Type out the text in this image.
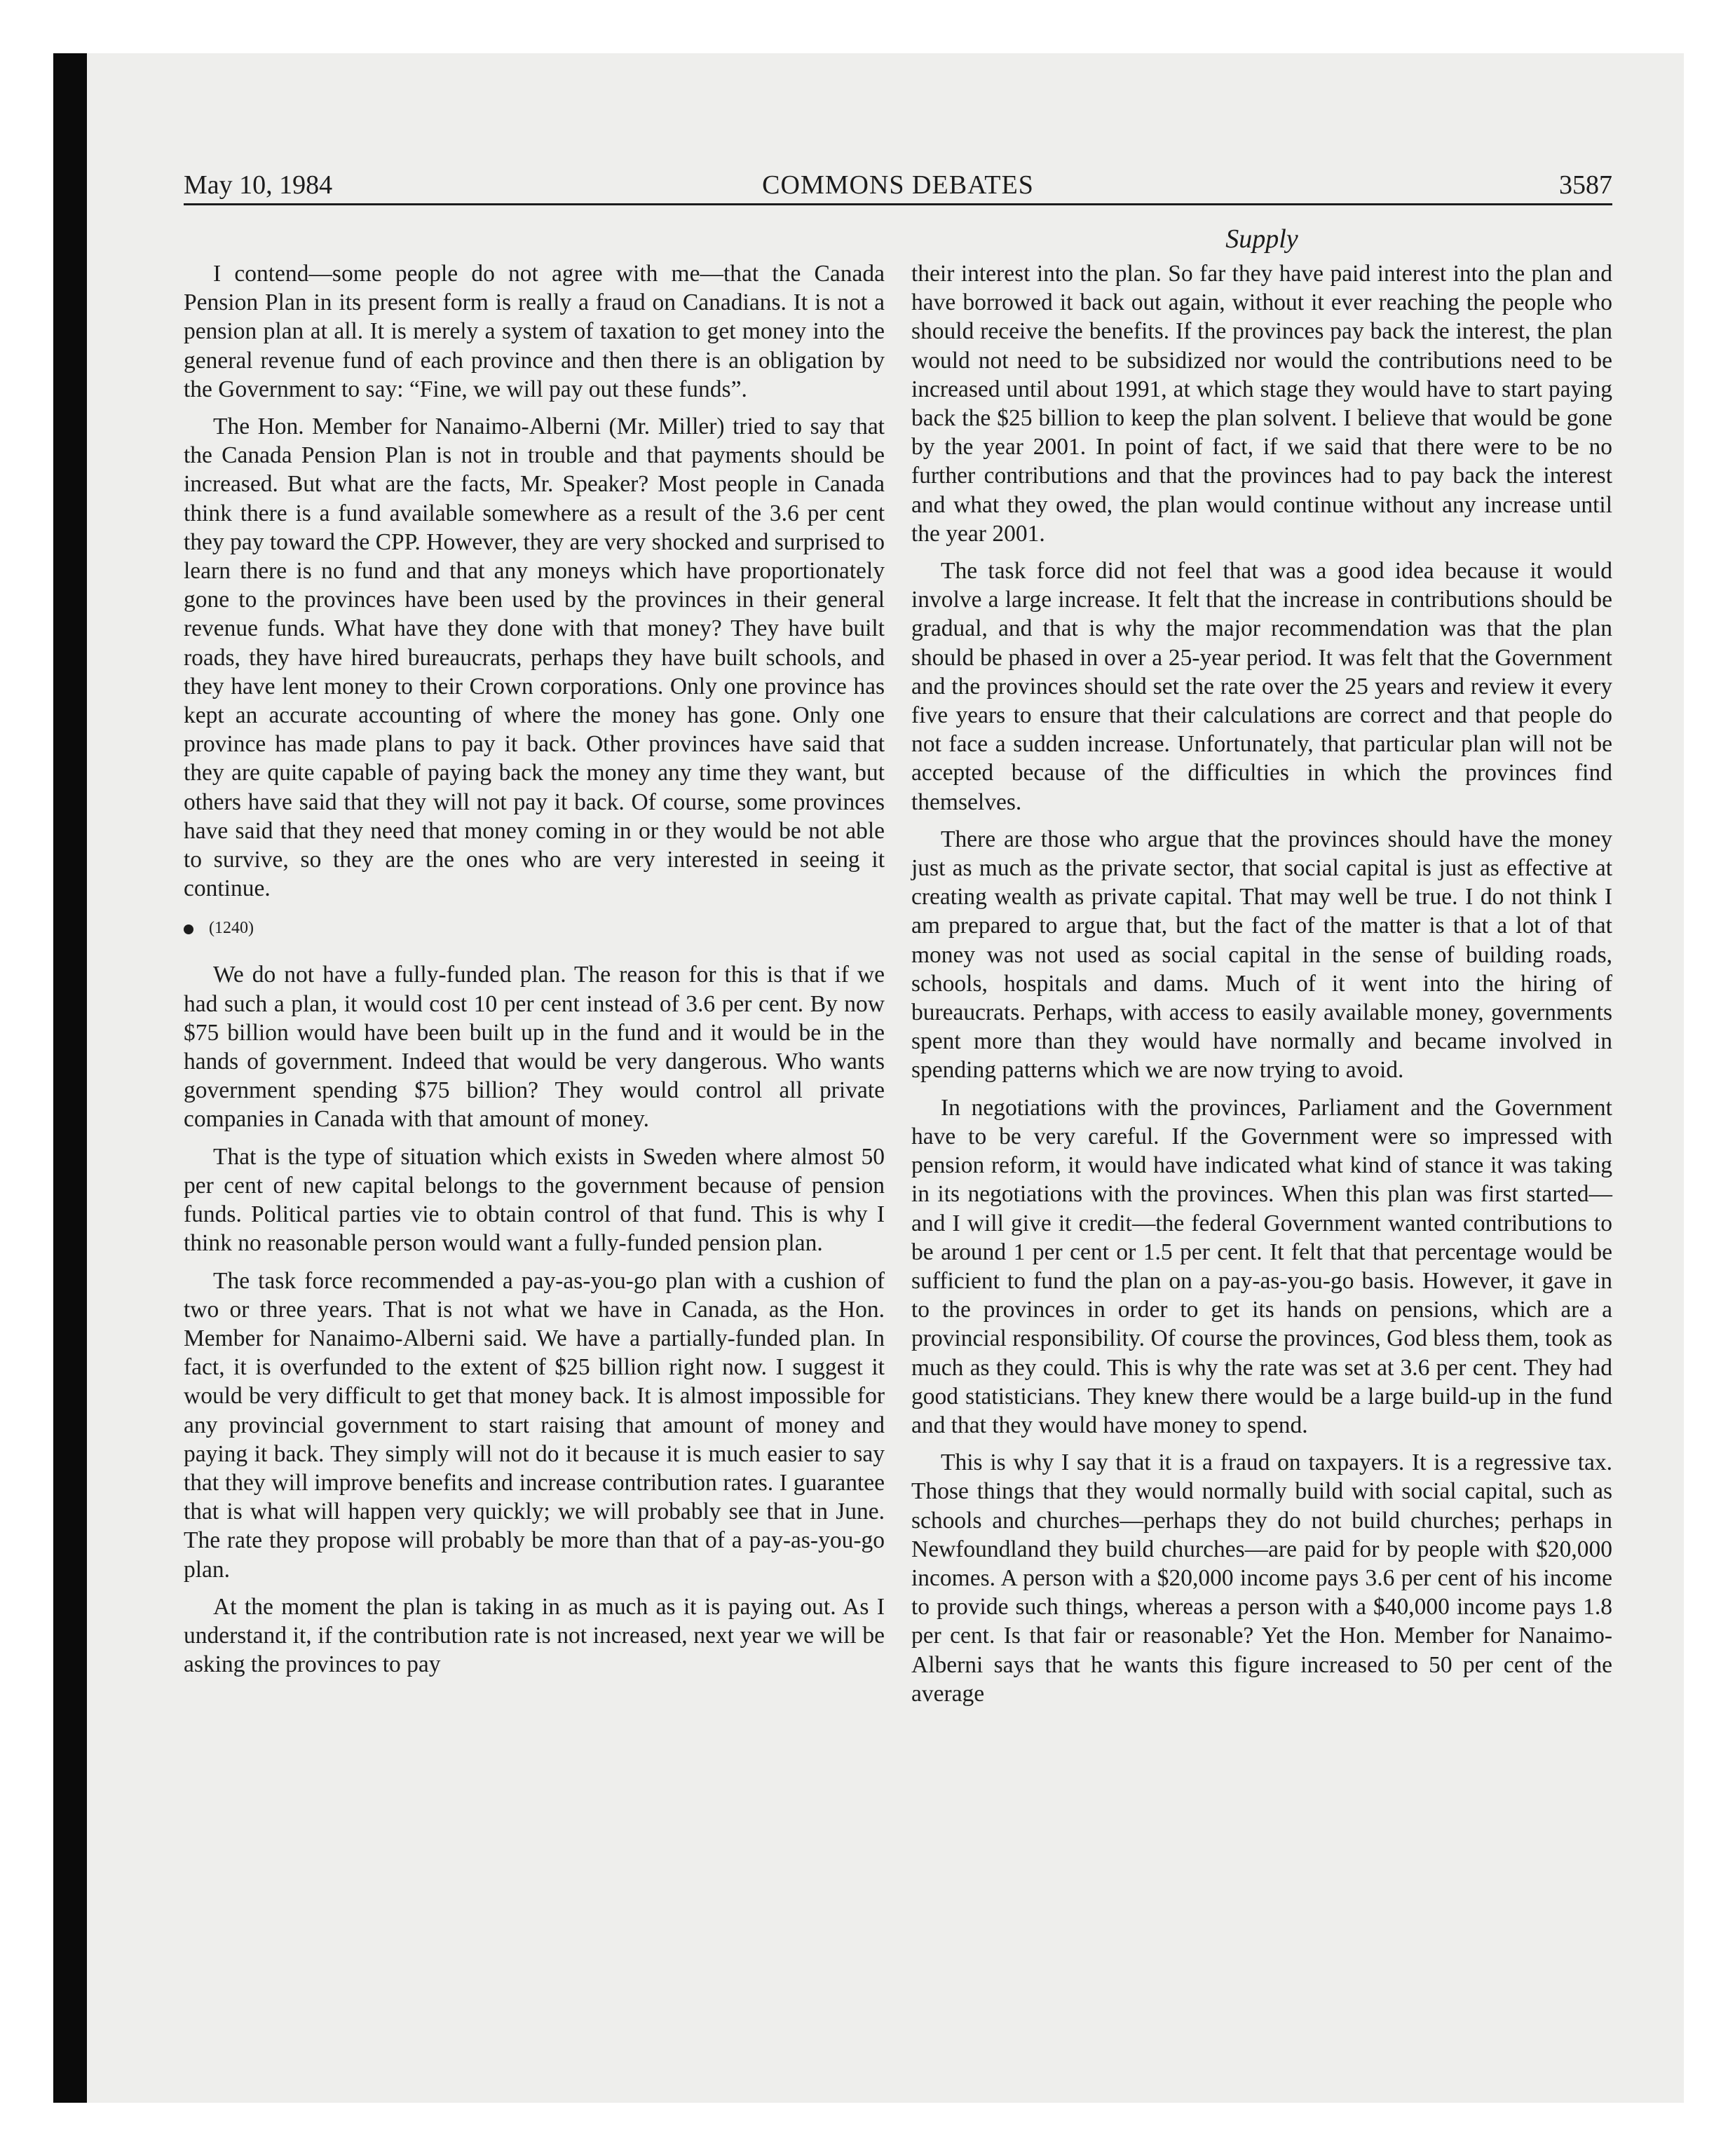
May 10, 1984	COMMONS DEBATES	3587
Supply

I contend—some people do not agree with me—that the Canada Pension Plan in its present form is really a fraud on Canadians. It is not a pension plan at all. It is merely a system of taxation to get money into the general revenue fund of each province and then there is an obligation by the Government to say: “Fine, we will pay out these funds”.

The Hon. Member for Nanaimo-Alberni (Mr. Miller) tried to say that the Canada Pension Plan is not in trouble and that payments should be increased. But what are the facts, Mr. Speaker? Most people in Canada think there is a fund available somewhere as a result of the 3.6 per cent they pay toward the CPP. However, they are very shocked and surprised to learn there is no fund and that any moneys which have proportionately gone to the provinces have been used by the provinces in their general revenue funds. What have they done with that money? They have built roads, they have hired bureaucrats, perhaps they have built schools, and they have lent money to their Crown corporations. Only one province has kept an accurate accounting of where the money has gone. Only one province has made plans to pay it back. Other provinces have said that they are quite capable of paying back the money any time they want, but others have said that they will not pay it back. Of course, some provinces have said that they need that money coming in or they would be not able to survive, so they are the ones who are very interested in seeing it continue.

(1240)

We do not have a fully-funded plan. The reason for this is that if we had such a plan, it would cost 10 per cent instead of 3.6 per cent. By now $75 billion would have been built up in the fund and it would be in the hands of government. Indeed that would be very dangerous. Who wants government spending $75 billion? They would control all private companies in Canada with that amount of money.

That is the type of situation which exists in Sweden where almost 50 per cent of new capital belongs to the government because of pension funds. Political parties vie to obtain control of that fund. This is why I think no reasonable person would want a fully-funded pension plan.

The task force recommended a pay-as-you-go plan with a cushion of two or three years. That is not what we have in Canada, as the Hon. Member for Nanaimo-Alberni said. We have a partially-funded plan. In fact, it is overfunded to the extent of $25 billion right now. I suggest it would be very difficult to get that money back. It is almost impossible for any provincial government to start raising that amount of money and paying it back. They simply will not do it because it is much easier to say that they will improve benefits and increase contribution rates. I guarantee that is what will happen very quickly; we will probably see that in June. The rate they propose will probably be more than that of a pay-as-you-go plan.

At the moment the plan is taking in as much as it is paying out. As I understand it, if the contribution rate is not increased, next year we will be asking the provinces to pay

their interest into the plan. So far they have paid interest into the plan and have borrowed it back out again, without it ever reaching the people who should receive the benefits. If the provinces pay back the interest, the plan would not need to be subsidized nor would the contributions need to be increased until about 1991, at which stage they would have to start paying back the $25 billion to keep the plan solvent. I believe that would be gone by the year 2001. In point of fact, if we said that there were to be no further contributions and that the provinces had to pay back the interest and what they owed, the plan would continue without any increase until the year 2001.

The task force did not feel that was a good idea because it would involve a large increase. It felt that the increase in contributions should be gradual, and that is why the major recommendation was that the plan should be phased in over a 25-year period. It was felt that the Government and the provinces should set the rate over the 25 years and review it every five years to ensure that their calculations are correct and that people do not face a sudden increase. Unfortunately, that particular plan will not be accepted because of the difficulties in which the provinces find themselves.

There are those who argue that the provinces should have the money just as much as the private sector, that social capital is just as effective at creating wealth as private capital. That may well be true. I do not think I am prepared to argue that, but the fact of the matter is that a lot of that money was not used as social capital in the sense of building roads, schools, hospitals and dams. Much of it went into the hiring of bureaucrats. Perhaps, with access to easily available money, governments spent more than they would have normally and became involved in spending patterns which we are now trying to avoid.

In negotiations with the provinces, Parliament and the Government have to be very careful. If the Government were so impressed with pension reform, it would have indicated what kind of stance it was taking in its negotiations with the provinces. When this plan was first started—and I will give it credit—the federal Government wanted contributions to be around 1 per cent or 1.5 per cent. It felt that that percentage would be sufficient to fund the plan on a pay-as-you-go basis. However, it gave in to the provinces in order to get its hands on pensions, which are a provincial responsibility. Of course the provinces, God bless them, took as much as they could. This is why the rate was set at 3.6 per cent. They had good statisticians. They knew there would be a large build-up in the fund and that they would have money to spend.

This is why I say that it is a fraud on taxpayers. It is a regressive tax. Those things that they would normally build with social capital, such as schools and churches—perhaps they do not build churches; perhaps in Newfoundland they build churches—are paid for by people with $20,000 incomes. A person with a $20,000 income pays 3.6 per cent of his income to provide such things, whereas a person with a $40,000 income pays 1.8 per cent. Is that fair or reasonable? Yet the Hon. Member for Nanaimo-Alberni says that he wants this figure increased to 50 per cent of the average
